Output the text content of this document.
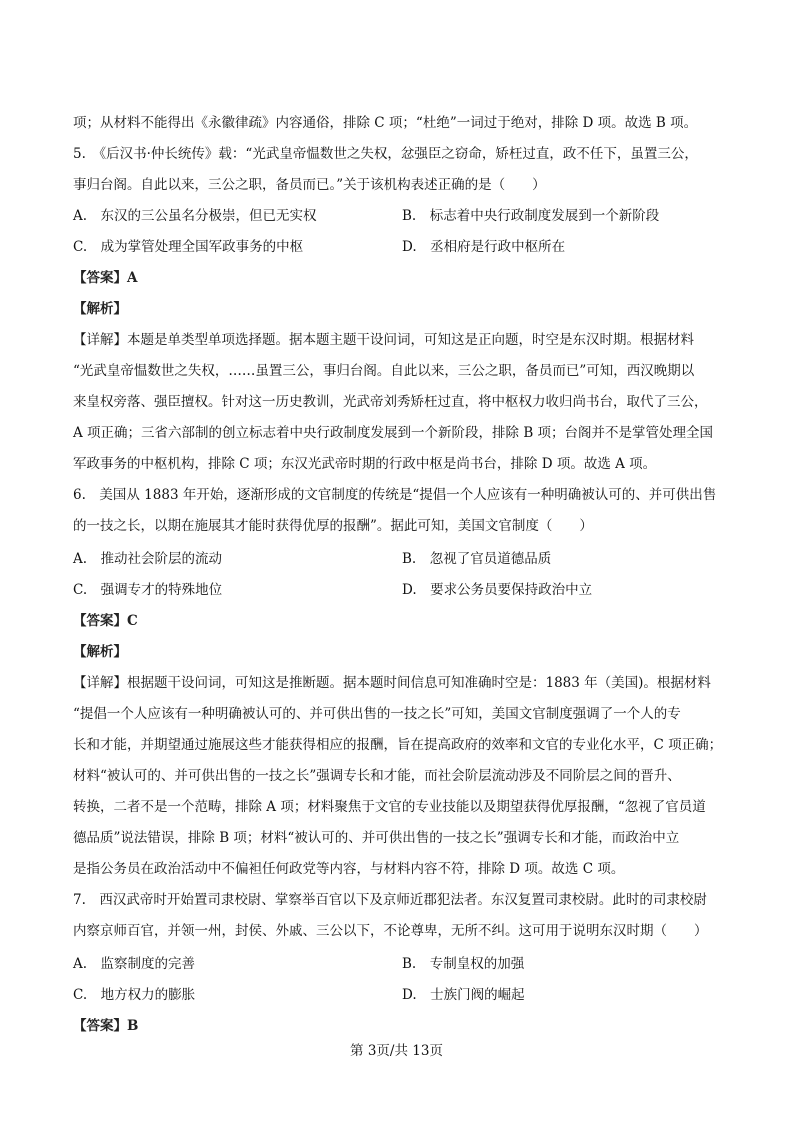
项；从材料不能得出《永徽律疏》内容通俗，排除 C 项；“杜绝”一词过于绝对，排除 D 项。故选 B 项。
5.　《后汉书·仲长统传》载：“光武皇帝愠数世之失权，忿强臣之窃命，矫枉过直，政不任下，虽置三公，
事归台阁。自此以来，三公之职，备员而已。”关于该机构表述正确的是（　　）
A.　东汉的三公虽名分极崇，但已无实权	B.　标志着中央行政制度发展到一个新阶段
C.　成为掌管处理全国军政事务的中枢	D.　丞相府是行政中枢所在
【答案】A
【解析】
【详解】本题是单类型单项选择题。据本题主题干设问词，可知这是正向题，时空是东汉时期。根据材料
“光武皇帝愠数世之失权，……虽置三公，事归台阁。自此以来，三公之职，备员而已”可知，西汉晚期以
来皇权旁落、强臣擅权。针对这一历史教训，光武帝刘秀矫枉过直，将中枢权力收归尚书台，取代了三公，
A 项正确；三省六部制的创立标志着中央行政制度发展到一个新阶段，排除 B 项；台阁并不是掌管处理全国
军政事务的中枢机构，排除 C 项；东汉光武帝时期的行政中枢是尚书台，排除 D 项。故选 A 项。
6.　美国从 1883 年开始，逐渐形成的文官制度的传统是“提倡一个人应该有一种明确被认可的、并可供出售
的一技之长，以期在施展其才能时获得优厚的报酬”。据此可知，美国文官制度（　　）
A.　推动社会阶层的流动	B.　忽视了官员道德品质
C.　强调专才的特殊地位	D.　要求公务员要保持政治中立
【答案】C
【解析】
【详解】根据题干设问词，可知这是推断题。据本题时间信息可知准确时空是：1883 年（美国)。根据材料
“提倡一个人应该有一种明确被认可的、并可供出售的一技之长”可知，美国文官制度强调了一个人的专
长和才能，并期望通过施展这些才能获得相应的报酬，旨在提高政府的效率和文官的专业化水平，C 项正确；
材料“被认可的、并可供出售的一技之长”强调专长和才能，而社会阶层流动涉及不同阶层之间的晋升、
转换，二者不是一个范畴，排除 A 项；材料聚焦于文官的专业技能以及期望获得优厚报酬，“忽视了官员道
德品质”说法错误，排除 B 项；材料“被认可的、并可供出售的一技之长”强调专长和才能，而政治中立
是指公务员在政治活动中不偏袒任何政党等内容，与材料内容不符，排除 D 项。故选 C 项。
7.　西汉武帝时开始置司隶校尉、掌察举百官以下及京师近郡犯法者。东汉复置司隶校尉。此时的司隶校尉
内察京师百官，并领一州，封侯、外戚、三公以下，不论尊卑，无所不纠。这可用于说明东汉时期（　　）
A.　监察制度的完善	B.　专制皇权的加强
C.　地方权力的膨胀	D.　士族门阀的崛起
【答案】B
第 3页/共 13页
